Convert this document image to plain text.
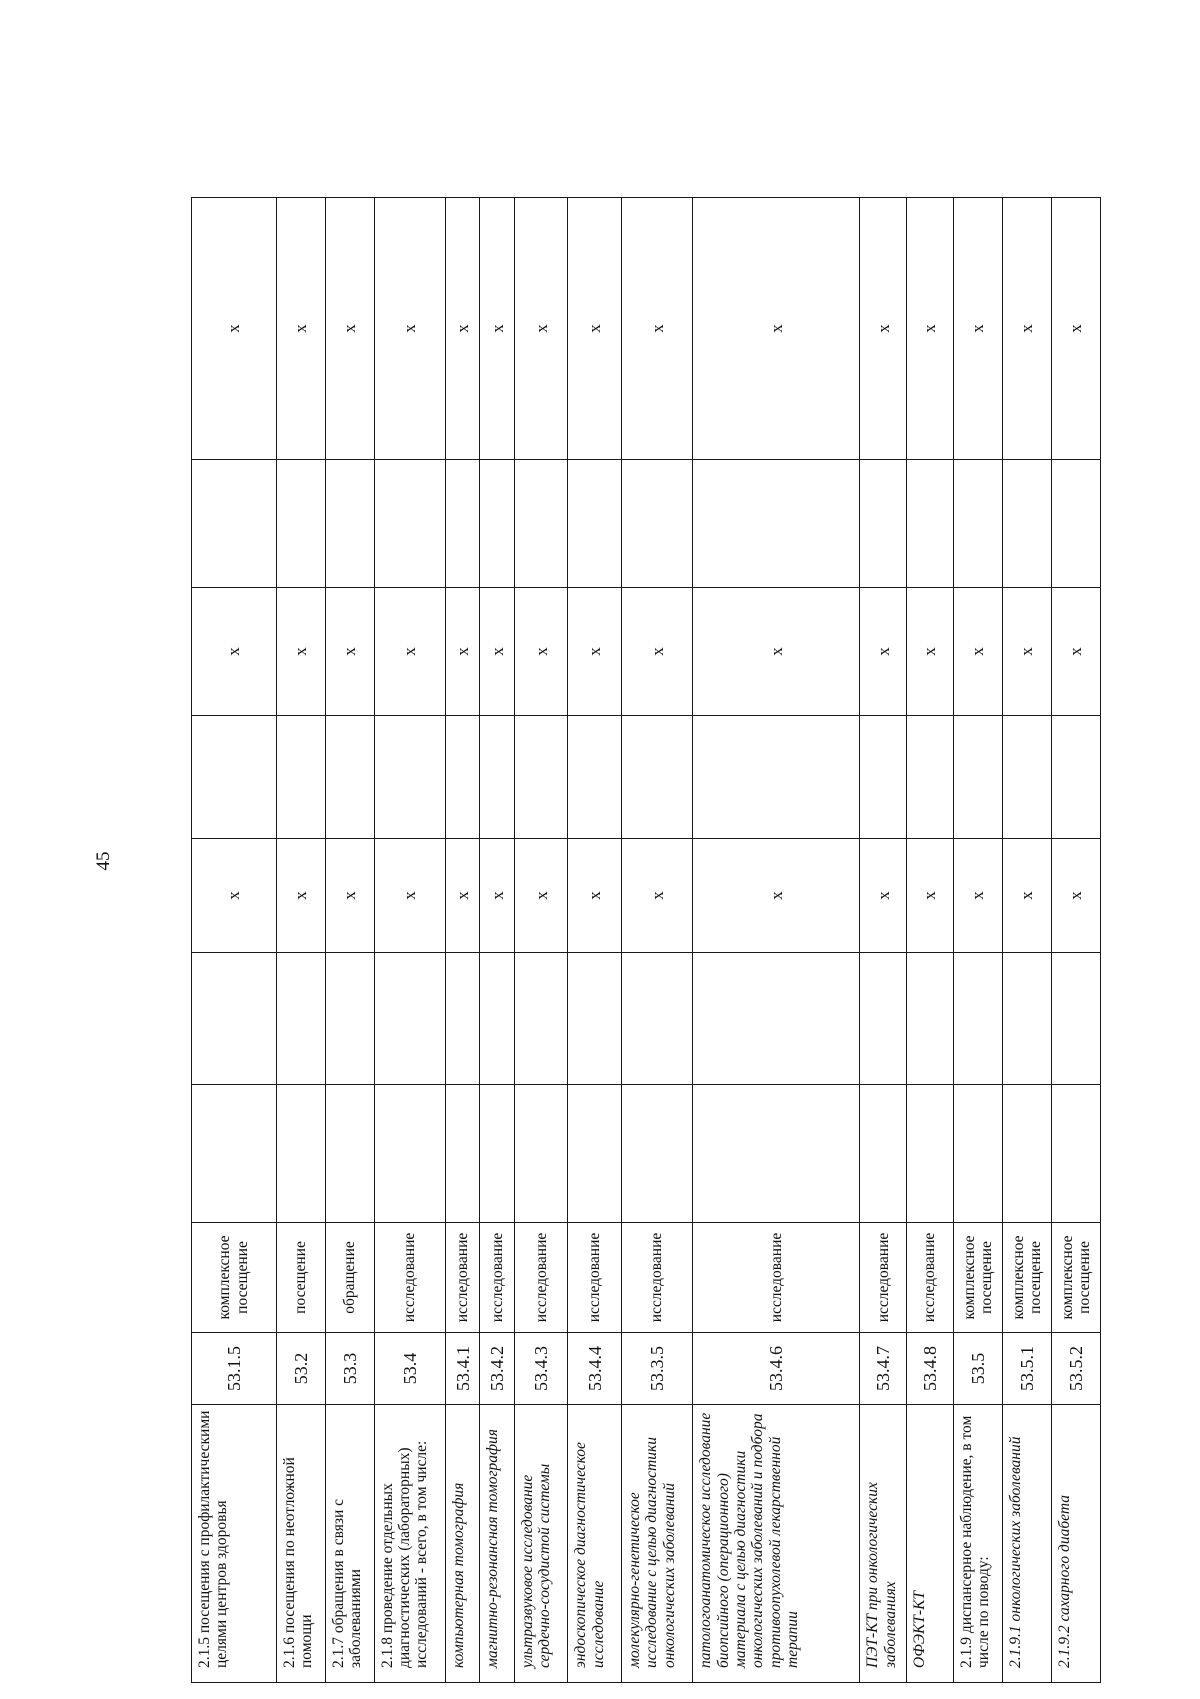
45
2.1.5 посещения с профилактическими целями центров здоровья	53.1.5	комплексное посещение			х		х		х
2.1.6 посещения по неотложной помощи	53.2	посещение			х		х		х
2.1.7 обращения в связи с заболеваниями	53.3	обращение			х		х		х
2.1.8 проведение отдельных диагностических (лабораторных) исследований - всего, в том числе:	53.4	исследование			х		х		х
компьютерная томография	53.4.1	исследование			х		х		х
магнитно-резонансная томография	53.4.2	исследование			х		х		х
ультразвуковое исследование сердечно-сосудистой системы	53.4.3	исследование			х		х		х
эндоскопическое диагностическое исследование	53.4.4	исследование			х		х		х
молекулярно-генетическое исследование с целью диагностики онкологических заболеваний	53.3.5	исследование			х		х		х
патологоанатомическое исследование биопсийного (операционного) материала с целью диагностики онкологических заболеваний и подбора противоопухолевой лекарственной терапии	53.4.6	исследование			х		х		х
ПЭТ-КТ при онкологических заболеваниях	53.4.7	исследование			х		х		х
ОФЭКТ-КТ	53.4.8	исследование			х		х		х
2.1.9 диспансерное наблюдение, в том числе по поводу:	53.5	комплексное посещение			х		х		х
2.1.9.1 онкологических заболеваний	53.5.1	комплексное посещение			х		х		х
2.1.9.2 сахарного диабета	53.5.2	комплексное посещение			х		х		х
